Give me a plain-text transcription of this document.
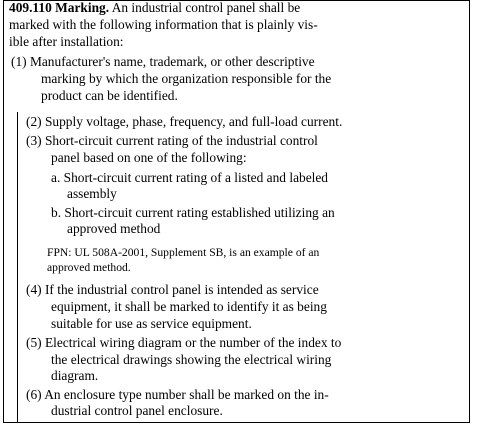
409.110 Marking. An industrial control panel shall be
marked with the following information that is plainly vis-
ible after installation:
(1) Manufacturer's name, trademark, or other descriptive
marking by which the organization responsible for the
product can be identified.
(2) Supply voltage, phase, frequency, and full-load current.
(3) Short-circuit current rating of the industrial control
panel based on one of the following:
a. Short-circuit current rating of a listed and labeled
assembly
b. Short-circuit current rating established utilizing an
approved method
FPN: UL 508A-2001, Supplement SB, is an example of an
approved method.
(4) If the industrial control panel is intended as service
equipment, it shall be marked to identify it as being
suitable for use as service equipment.
(5) Electrical wiring diagram or the number of the index to
the electrical drawings showing the electrical wiring
diagram.
(6) An enclosure type number shall be marked on the in-
dustrial control panel enclosure.
